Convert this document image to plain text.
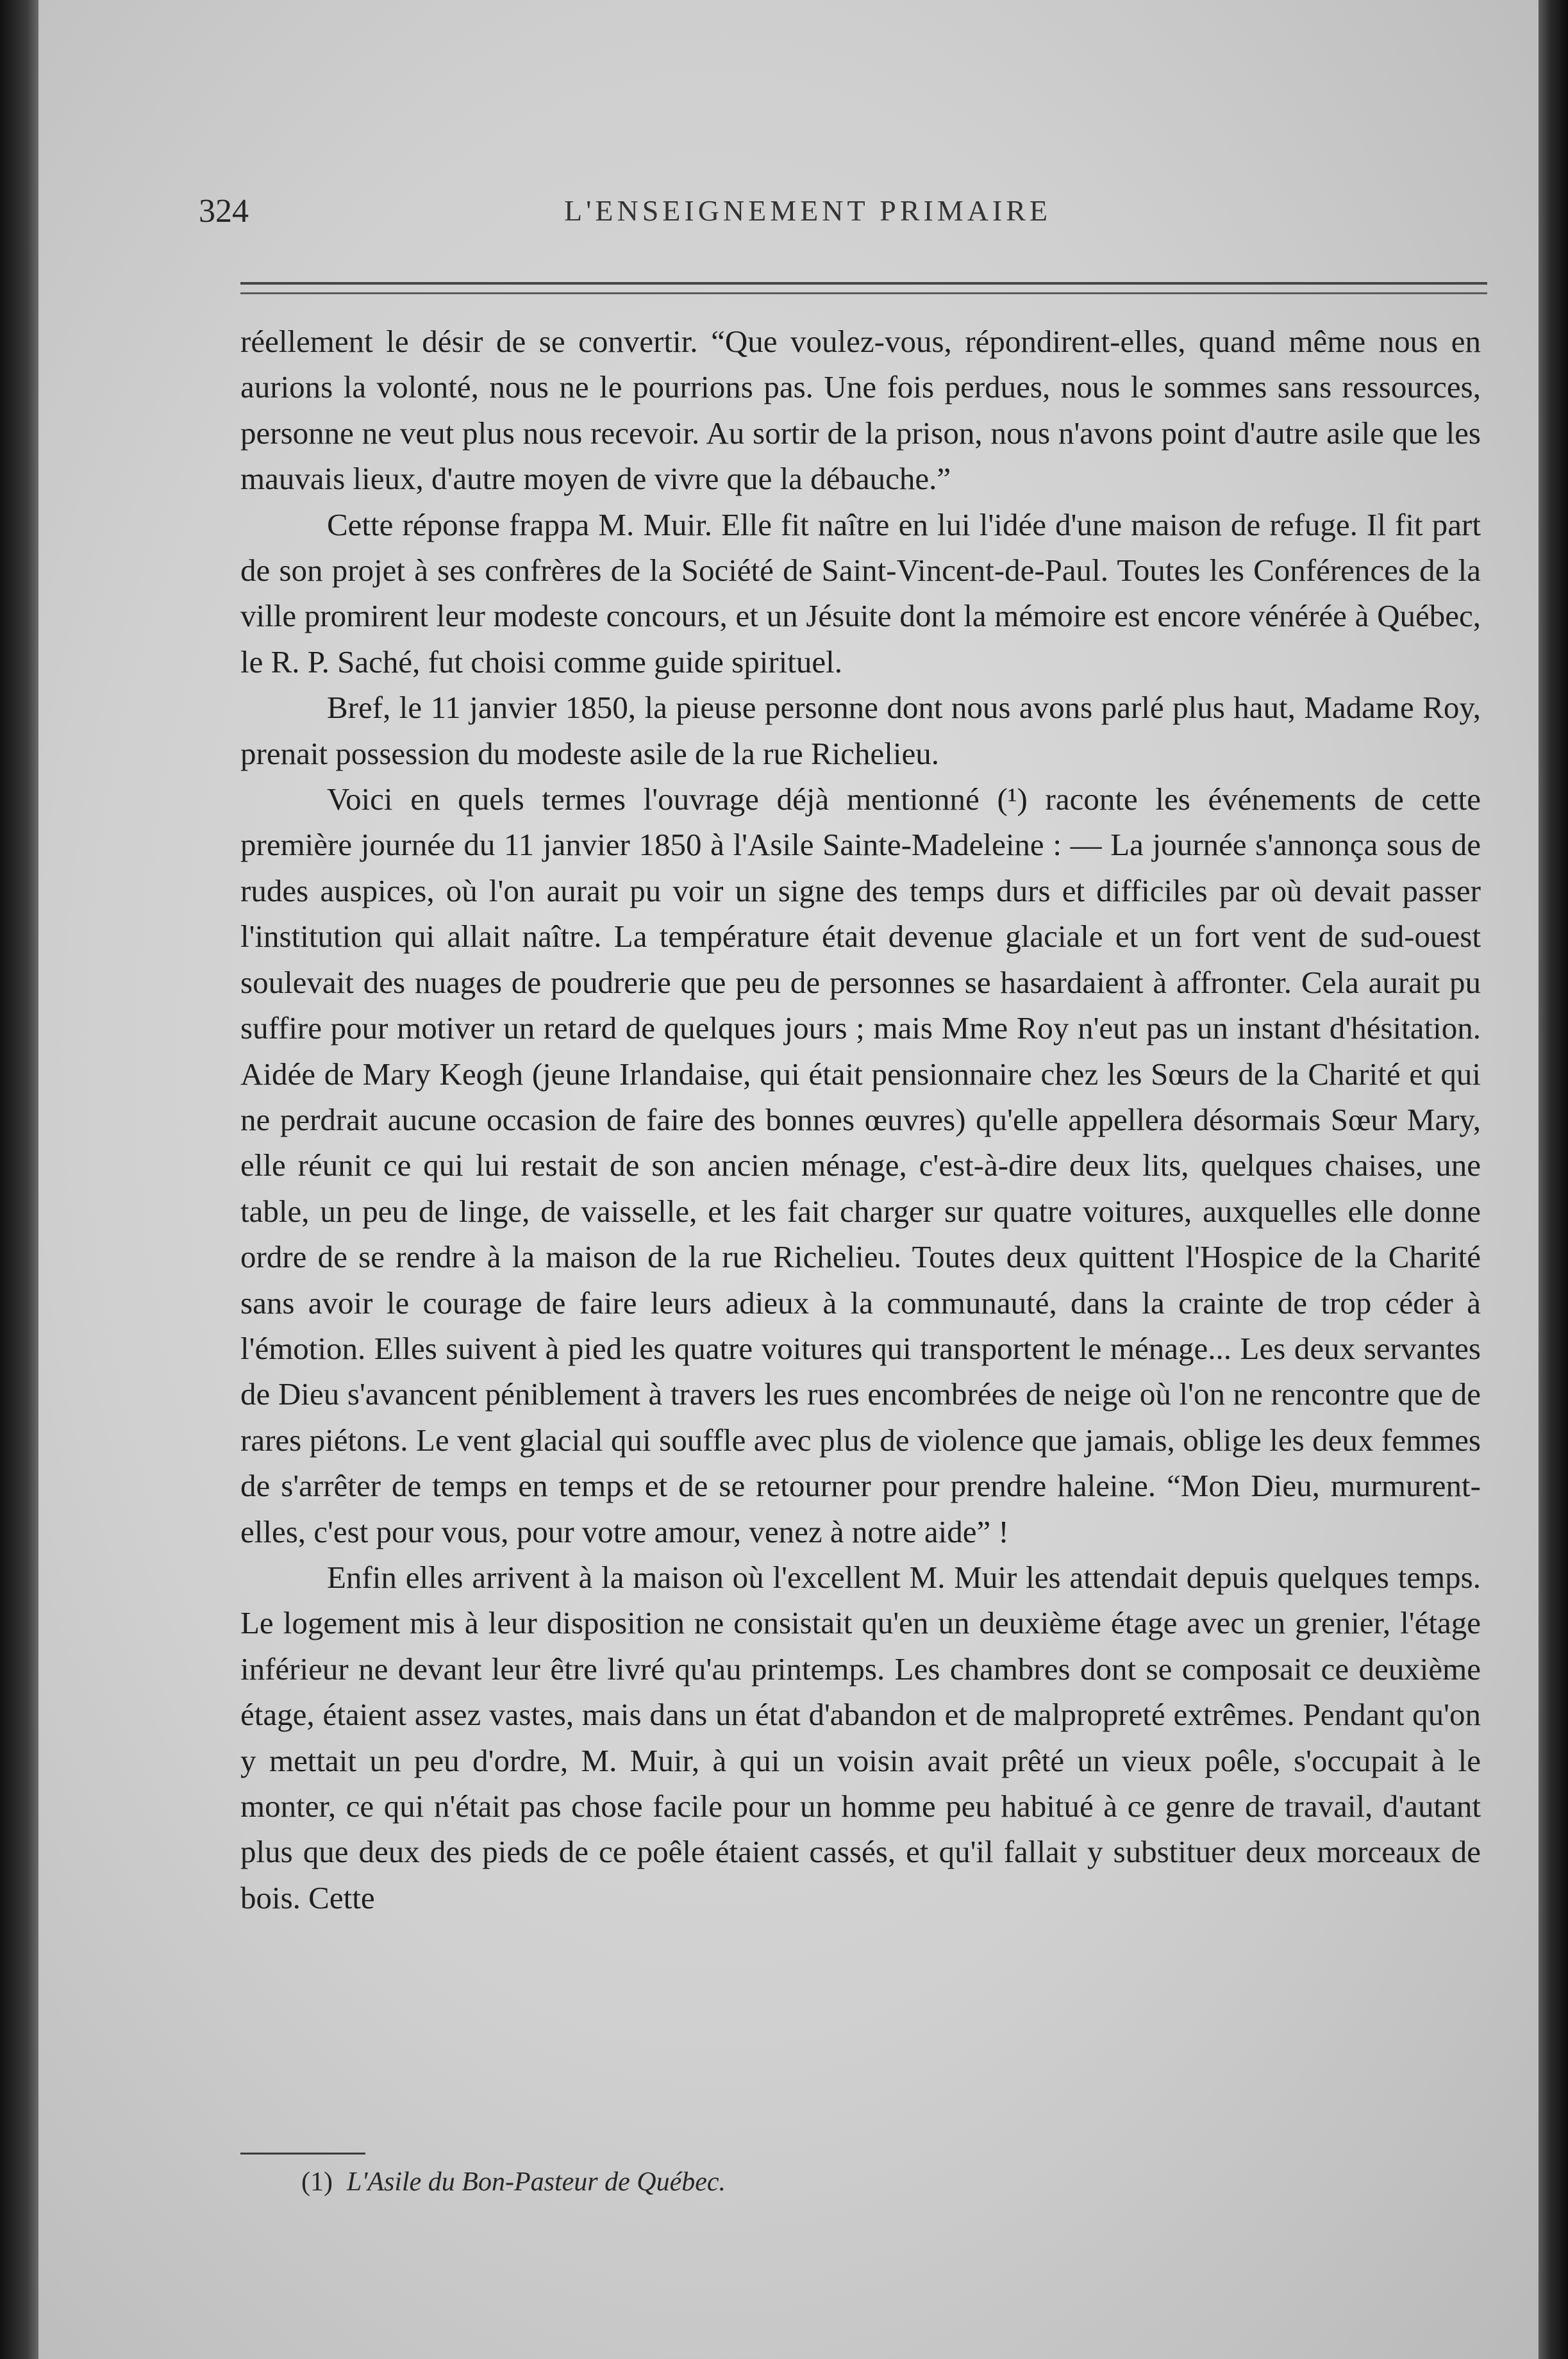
324	L'ENSEIGNEMENT PRIMAIRE

réellement le désir de se convertir. “Que voulez-vous, répondirent-elles, quand même nous en aurions la volonté, nous ne le pourrions pas. Une fois perdues, nous le sommes sans ressources, personne ne veut plus nous recevoir. Au sortir de la prison, nous n'avons point d'autre asile que les mauvais lieux, d'autre moyen de vivre que la débauche.”

Cette réponse frappa M. Muir. Elle fit naître en lui l'idée d'une maison de refuge. Il fit part de son projet à ses confrères de la Société de Saint-Vincent-de-Paul. Toutes les Conférences de la ville promirent leur modeste concours, et un Jésuite dont la mémoire est encore vénérée à Québec, le R. P. Saché, fut choisi comme guide spirituel.

Bref, le 11 janvier 1850, la pieuse personne dont nous avons parlé plus haut, Madame Roy, prenait possession du modeste asile de la rue Richelieu.

Voici en quels termes l'ouvrage déjà mentionné (¹) raconte les événements de cette première journée du 11 janvier 1850 à l'Asile Sainte-Madeleine : — La journée s'annonça sous de rudes auspices, où l'on aurait pu voir un signe des temps durs et difficiles par où devait passer l'institution qui allait naître. La température était devenue glaciale et un fort vent de sud-ouest soulevait des nuages de poudrerie que peu de personnes se hasardaient à affronter. Cela aurait pu suffire pour motiver un retard de quelques jours ; mais Mme Roy n'eut pas un instant d'hésitation. Aidée de Mary Keogh (jeune Irlandaise, qui était pensionnaire chez les Sœurs de la Charité et qui ne perdrait aucune occasion de faire des bonnes œuvres) qu'elle appellera désormais Sœur Mary, elle réunit ce qui lui restait de son ancien ménage, c'est-à-dire deux lits, quelques chaises, une table, un peu de linge, de vaisselle, et les fait charger sur quatre voitures, auxquelles elle donne ordre de se rendre à la maison de la rue Richelieu. Toutes deux quittent l'Hospice de la Charité sans avoir le courage de faire leurs adieux à la communauté, dans la crainte de trop céder à l'émotion. Elles suivent à pied les quatre voitures qui transportent le ménage... Les deux servantes de Dieu s'avancent péniblement à travers les rues encombrées de neige où l'on ne rencontre que de rares piétons. Le vent glacial qui souffle avec plus de violence que jamais, oblige les deux femmes de s'arrêter de temps en temps et de se retourner pour prendre haleine. “Mon Dieu, murmurent-elles, c'est pour vous, pour votre amour, venez à notre aide” !

Enfin elles arrivent à la maison où l'excellent M. Muir les attendait depuis quelques temps. Le logement mis à leur disposition ne consistait qu'en un deuxième étage avec un grenier, l'étage inférieur ne devant leur être livré qu'au printemps. Les chambres dont se composait ce deuxième étage, étaient assez vastes, mais dans un état d'abandon et de malpropreté extrêmes. Pendant qu'on y mettait un peu d'ordre, M. Muir, à qui un voisin avait prêté un vieux poêle, s'occupait à le monter, ce qui n'était pas chose facile pour un homme peu habitué à ce genre de travail, d'autant plus que deux des pieds de ce poêle étaient cassés, et qu'il fallait y substituer deux morceaux de bois. Cette

(1) L'Asile du Bon-Pasteur de Québec.
